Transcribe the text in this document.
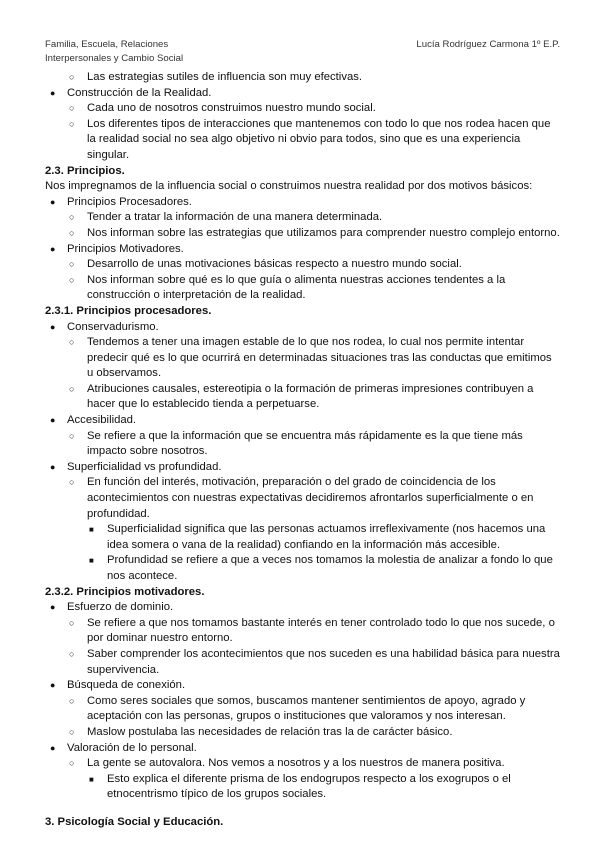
Familia, Escuela, Relaciones
Interpersonales y Cambio Social
Lucía Rodríguez Carmona 1º E.P.
○ Las estrategias sutiles de influencia son muy efectivas.
● Construcción de la Realidad.
○ Cada uno de nosotros construimos nuestro mundo social.
○ Los diferentes tipos de interacciones que mantenemos con todo lo que nos rodea hacen que la realidad social no sea algo objetivo ni obvio para todos, sino que es una experiencia singular.
2.3. Principios.
Nos impregnamos de la influencia social o construimos nuestra realidad por dos motivos básicos:
● Principios Procesadores.
○ Tender a tratar la información de una manera determinada.
○ Nos informan sobre las estrategias que utilizamos para comprender nuestro complejo entorno.
● Principios Motivadores.
○ Desarrollo de unas motivaciones básicas respecto a nuestro mundo social.
○ Nos informan sobre qué es lo que guía o alimenta nuestras acciones tendentes a la construcción o interpretación de la realidad.
2.3.1. Principios procesadores.
● Conservadurismo.
○ Tendemos a tener una imagen estable de lo que nos rodea, lo cual nos permite intentar predecir qué es lo que ocurrirá en determinadas situaciones tras las conductas que emitimos u observamos.
○ Atribuciones causales, estereotipia o la formación de primeras impresiones contribuyen a hacer que lo establecido tienda a perpetuarse.
● Accesibilidad.
○ Se refiere a que la información que se encuentra más rápidamente es la que tiene más impacto sobre nosotros.
● Superficialidad vs profundidad.
○ En función del interés, motivación, preparación o del grado de coincidencia de los acontecimientos con nuestras expectativas decidiremos afrontarlos superficialmente o en profundidad.
■ Superficialidad significa que las personas actuamos irreflexivamente (nos hacemos una idea somera o vana de la realidad) confiando en la información más accesible.
■ Profundidad se refiere a que a veces nos tomamos la molestia de analizar a fondo lo que nos acontece.
2.3.2. Principios motivadores.
● Esfuerzo de dominio.
○ Se refiere a que nos tomamos bastante interés en tener controlado todo lo que nos sucede, o por dominar nuestro entorno.
○ Saber comprender los acontecimientos que nos suceden es una habilidad básica para nuestra supervivencia.
● Búsqueda de conexión.
○ Como seres sociales que somos, buscamos mantener sentimientos de apoyo, agrado y aceptación con las personas, grupos o instituciones que valoramos y nos interesan.
○ Maslow postulaba las necesidades de relación tras la de carácter básico.
● Valoración de lo personal.
○ La gente se autovalora. Nos vemos a nosotros y a los nuestros de manera positiva.
■ Esto explica el diferente prisma de los endogrupos respecto a los exogrupos o el etnocentrismo típico de los grupos sociales.
3. Psicología Social y Educación.
